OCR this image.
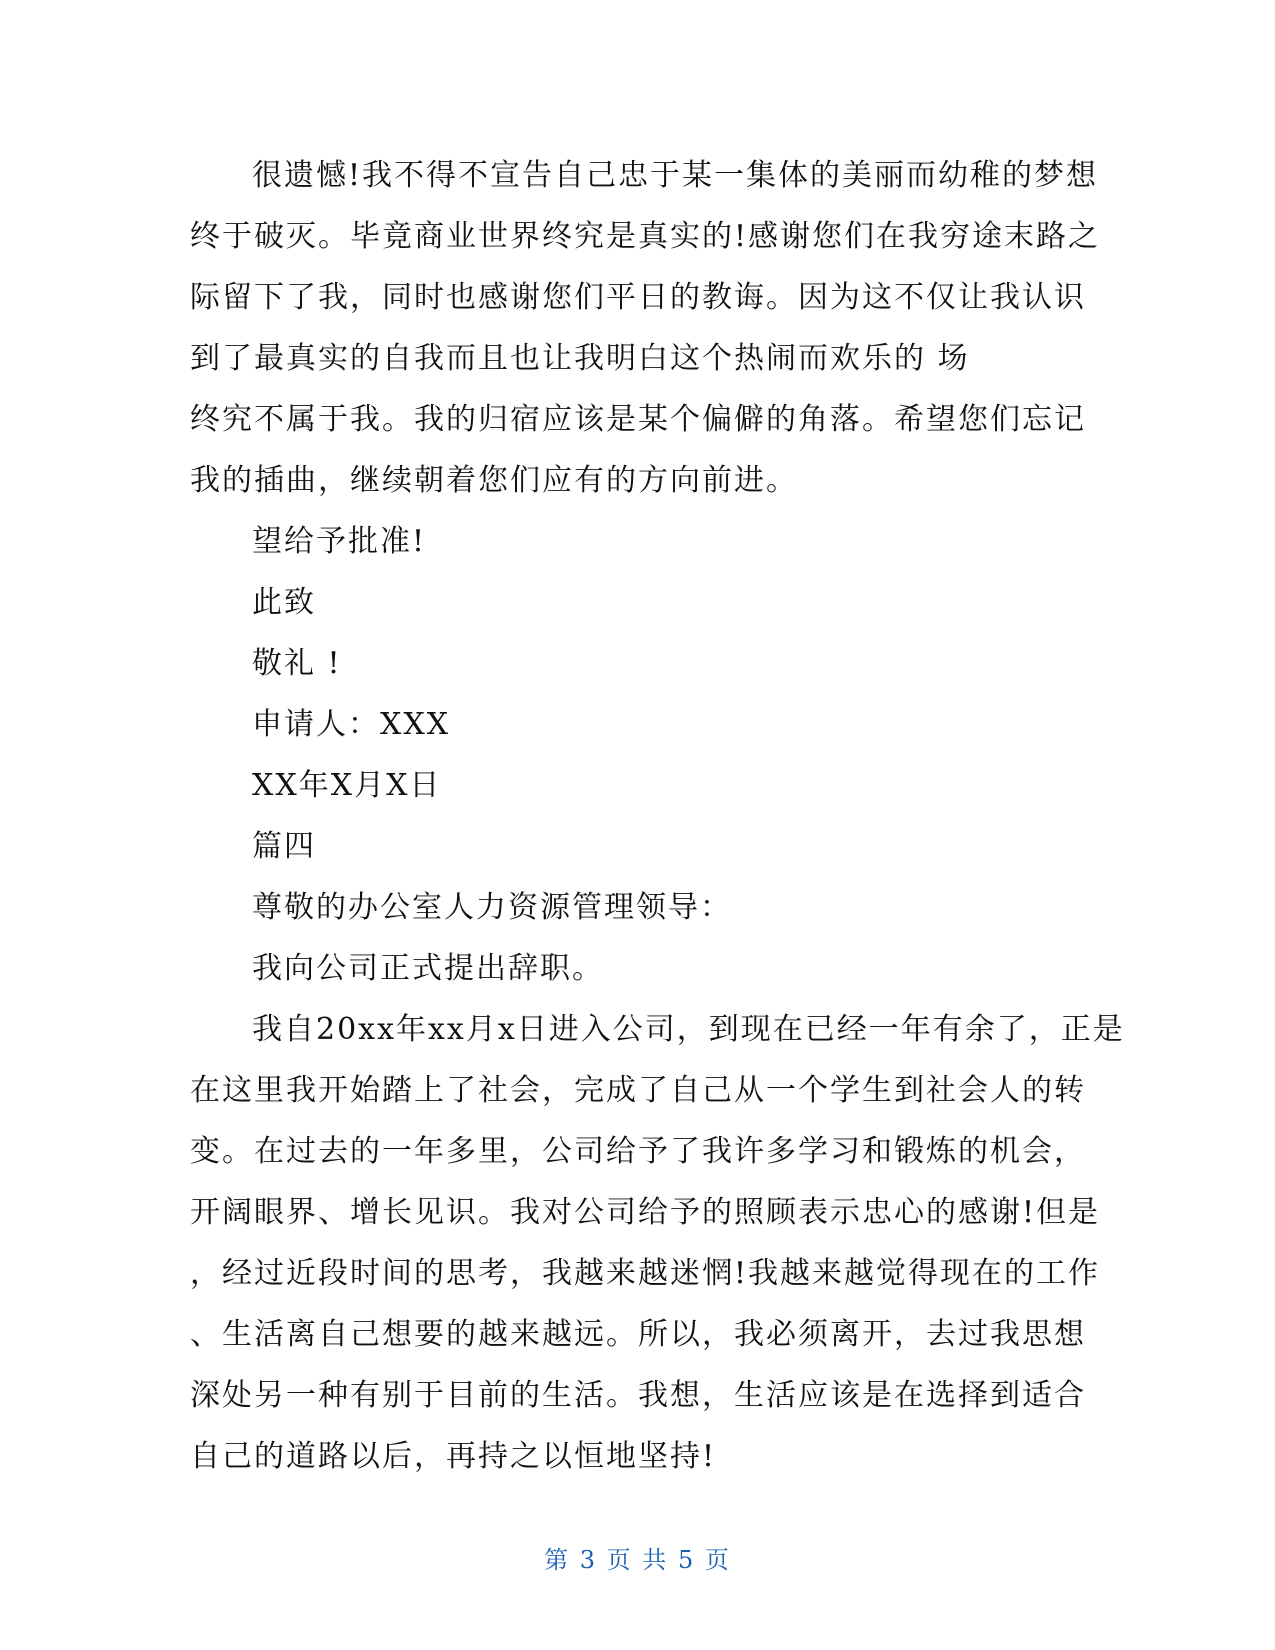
很遗憾!我不得不宣告自己忠于某一集体的美丽而幼稚的梦想
终于破灭。毕竟商业世界终究是真实的!感谢您们在我穷途末路之
际留下了我，同时也感谢您们平日的教诲。因为这不仅让我认识
到了最真实的自我而且也让我明白这个热闹而欢乐的 场
终究不属于我。我的归宿应该是某个偏僻的角落。希望您们忘记
我的插曲，继续朝着您们应有的方向前进。
望给予批准!
此致
敬礼 !
申请人：XXX
XX年X月X日
篇四
尊敬的办公室人力资源管理领导：
我向公司正式提出辞职。
我自20xx年xx月x日进入公司，到现在已经一年有余了，正是
在这里我开始踏上了社会，完成了自己从一个学生到社会人的转
变。在过去的一年多里，公司给予了我许多学习和锻炼的机会，
开阔眼界、增长见识。我对公司给予的照顾表示忠心的感谢!但是
，经过近段时间的思考，我越来越迷惘!我越来越觉得现在的工作
、生活离自己想要的越来越远。所以，我必须离开，去过我思想
深处另一种有别于目前的生活。我想，生活应该是在选择到适合
自己的道路以后，再持之以恒地坚持!
第 3 页 共 5 页
